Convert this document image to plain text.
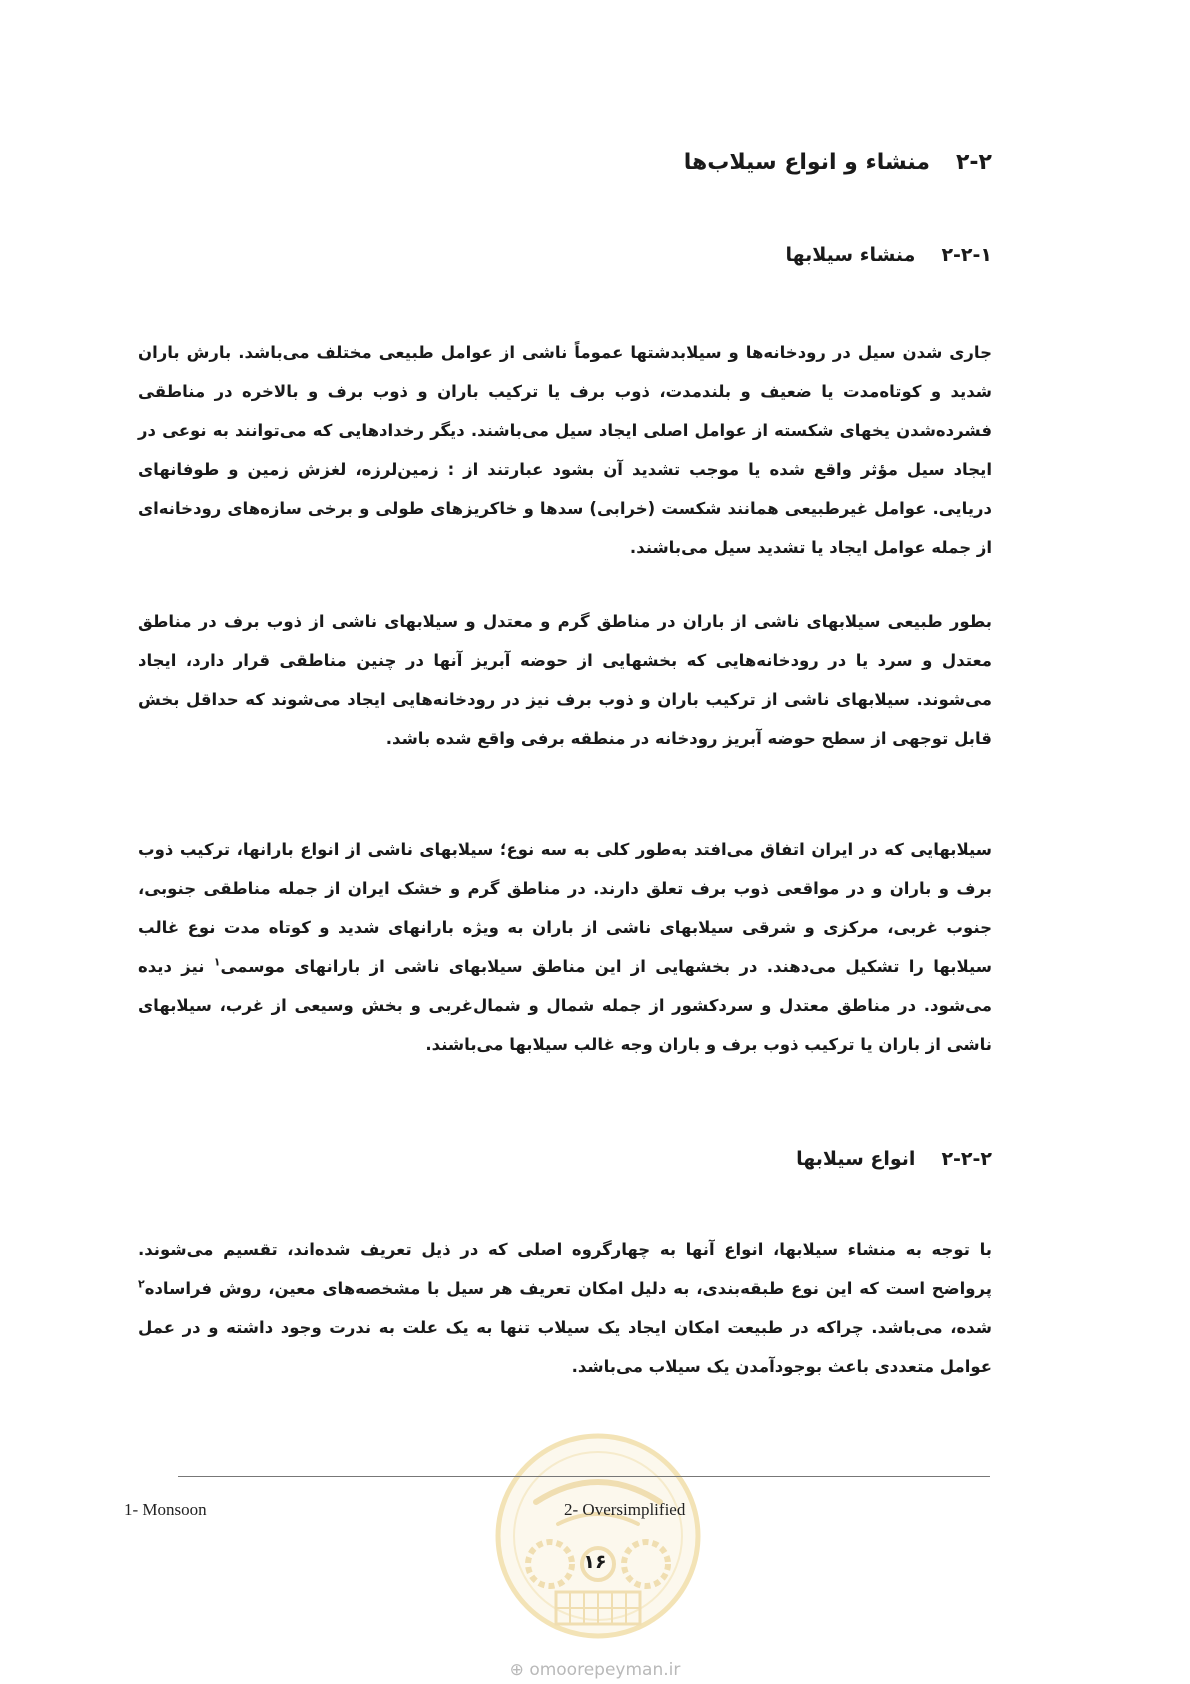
۲-۲منشاء و انواع سیلاب‌ها
۲-۲-۱منشاء سیلابها

جاری شدن سیل در رودخانه‌ها و سیلابدشتها عموماً ناشی از عوامل طبیعی مختلف می‌باشد. بارش باران شدید و کوتاه‌مدت یا ضعیف و بلندمدت، ذوب برف یا ترکیب باران و ذوب برف و بالاخره در مناطقی فشرده‌شدن یخهای شکسته از عوامل اصلی ایجاد سیل می‌باشند. دیگر رخدادهایی که می‌توانند به نوعی در ایجاد سیل مؤثر واقع شده یا موجب تشدید آن بشود عبارتند از : زمین‌لرزه، لغزش زمین و طوفانهای دریایی. عوامل غیرطبیعی همانند شکست (خرابی) سدها و خاکریزهای طولی و برخی سازه‌های رودخانه‌ای از جمله عوامل ایجاد یا تشدید سیل می‌باشند.

بطور طبیعی سیلابهای ناشی از باران در مناطق گرم و معتدل و سیلابهای ناشی از ذوب برف در مناطق معتدل و سرد یا در رودخانه‌هایی که بخشهایی از حوضه آبریز آنها در چنین مناطقی قرار دارد، ایجاد می‌شوند. سیلابهای ناشی از ترکیب باران و ذوب برف نیز در رودخانه‌هایی ایجاد می‌شوند که حداقل بخش قابل توجهی از سطح حوضه آبریز رودخانه در منطقه برفی واقع شده باشد.

سیلابهایی که در ایران اتفاق می‌افتد به‌طور کلی به سه نوع؛ سیلابهای ناشی از انواع بارانها، ترکیب ذوب برف و باران و در مواقعی ذوب برف تعلق دارند. در مناطق گرم و خشک ایران از جمله مناطقی جنوبی، جنوب غربی، مرکزی و شرقی سیلابهای ناشی از باران به ویژه بارانهای شدید و کوتاه مدت نوع غالب سیلابها را تشکیل می‌دهند. در بخشهایی از این مناطق سیلابهای ناشی از بارانهای موسمی$^۱$ نیز دیده می‌شود. در مناطق معتدل و سردکشور از جمله شمال و شمال‌غربی و بخش وسیعی از غرب، سیلابهای ناشی از باران یا ترکیب ذوب برف و باران وجه غالب سیلابها می‌باشند.

۲-۲-۲انواع سیلابها

با توجه به منشاء سیلابها، انواع آنها به چهارگروه اصلی که در ذیل تعریف شده‌اند، تقسیم می‌شوند. پرواضح است که این نوع طبقه‌بندی، به دلیل امکان تعریف هر سیل با مشخصه‌های معین، روش فراساده$^۲$ شده، می‌باشد. چراکه در طبیعت امکان ایجاد یک سیلاب تنها به یک علت به ندرت وجود داشته و در عمل عوامل متعددی باعث بوجودآمدن یک سیلاب می‌باشد.

1- Monsoon	2- Oversimplified
۱۶
⊕ omoorepeyman.ir
